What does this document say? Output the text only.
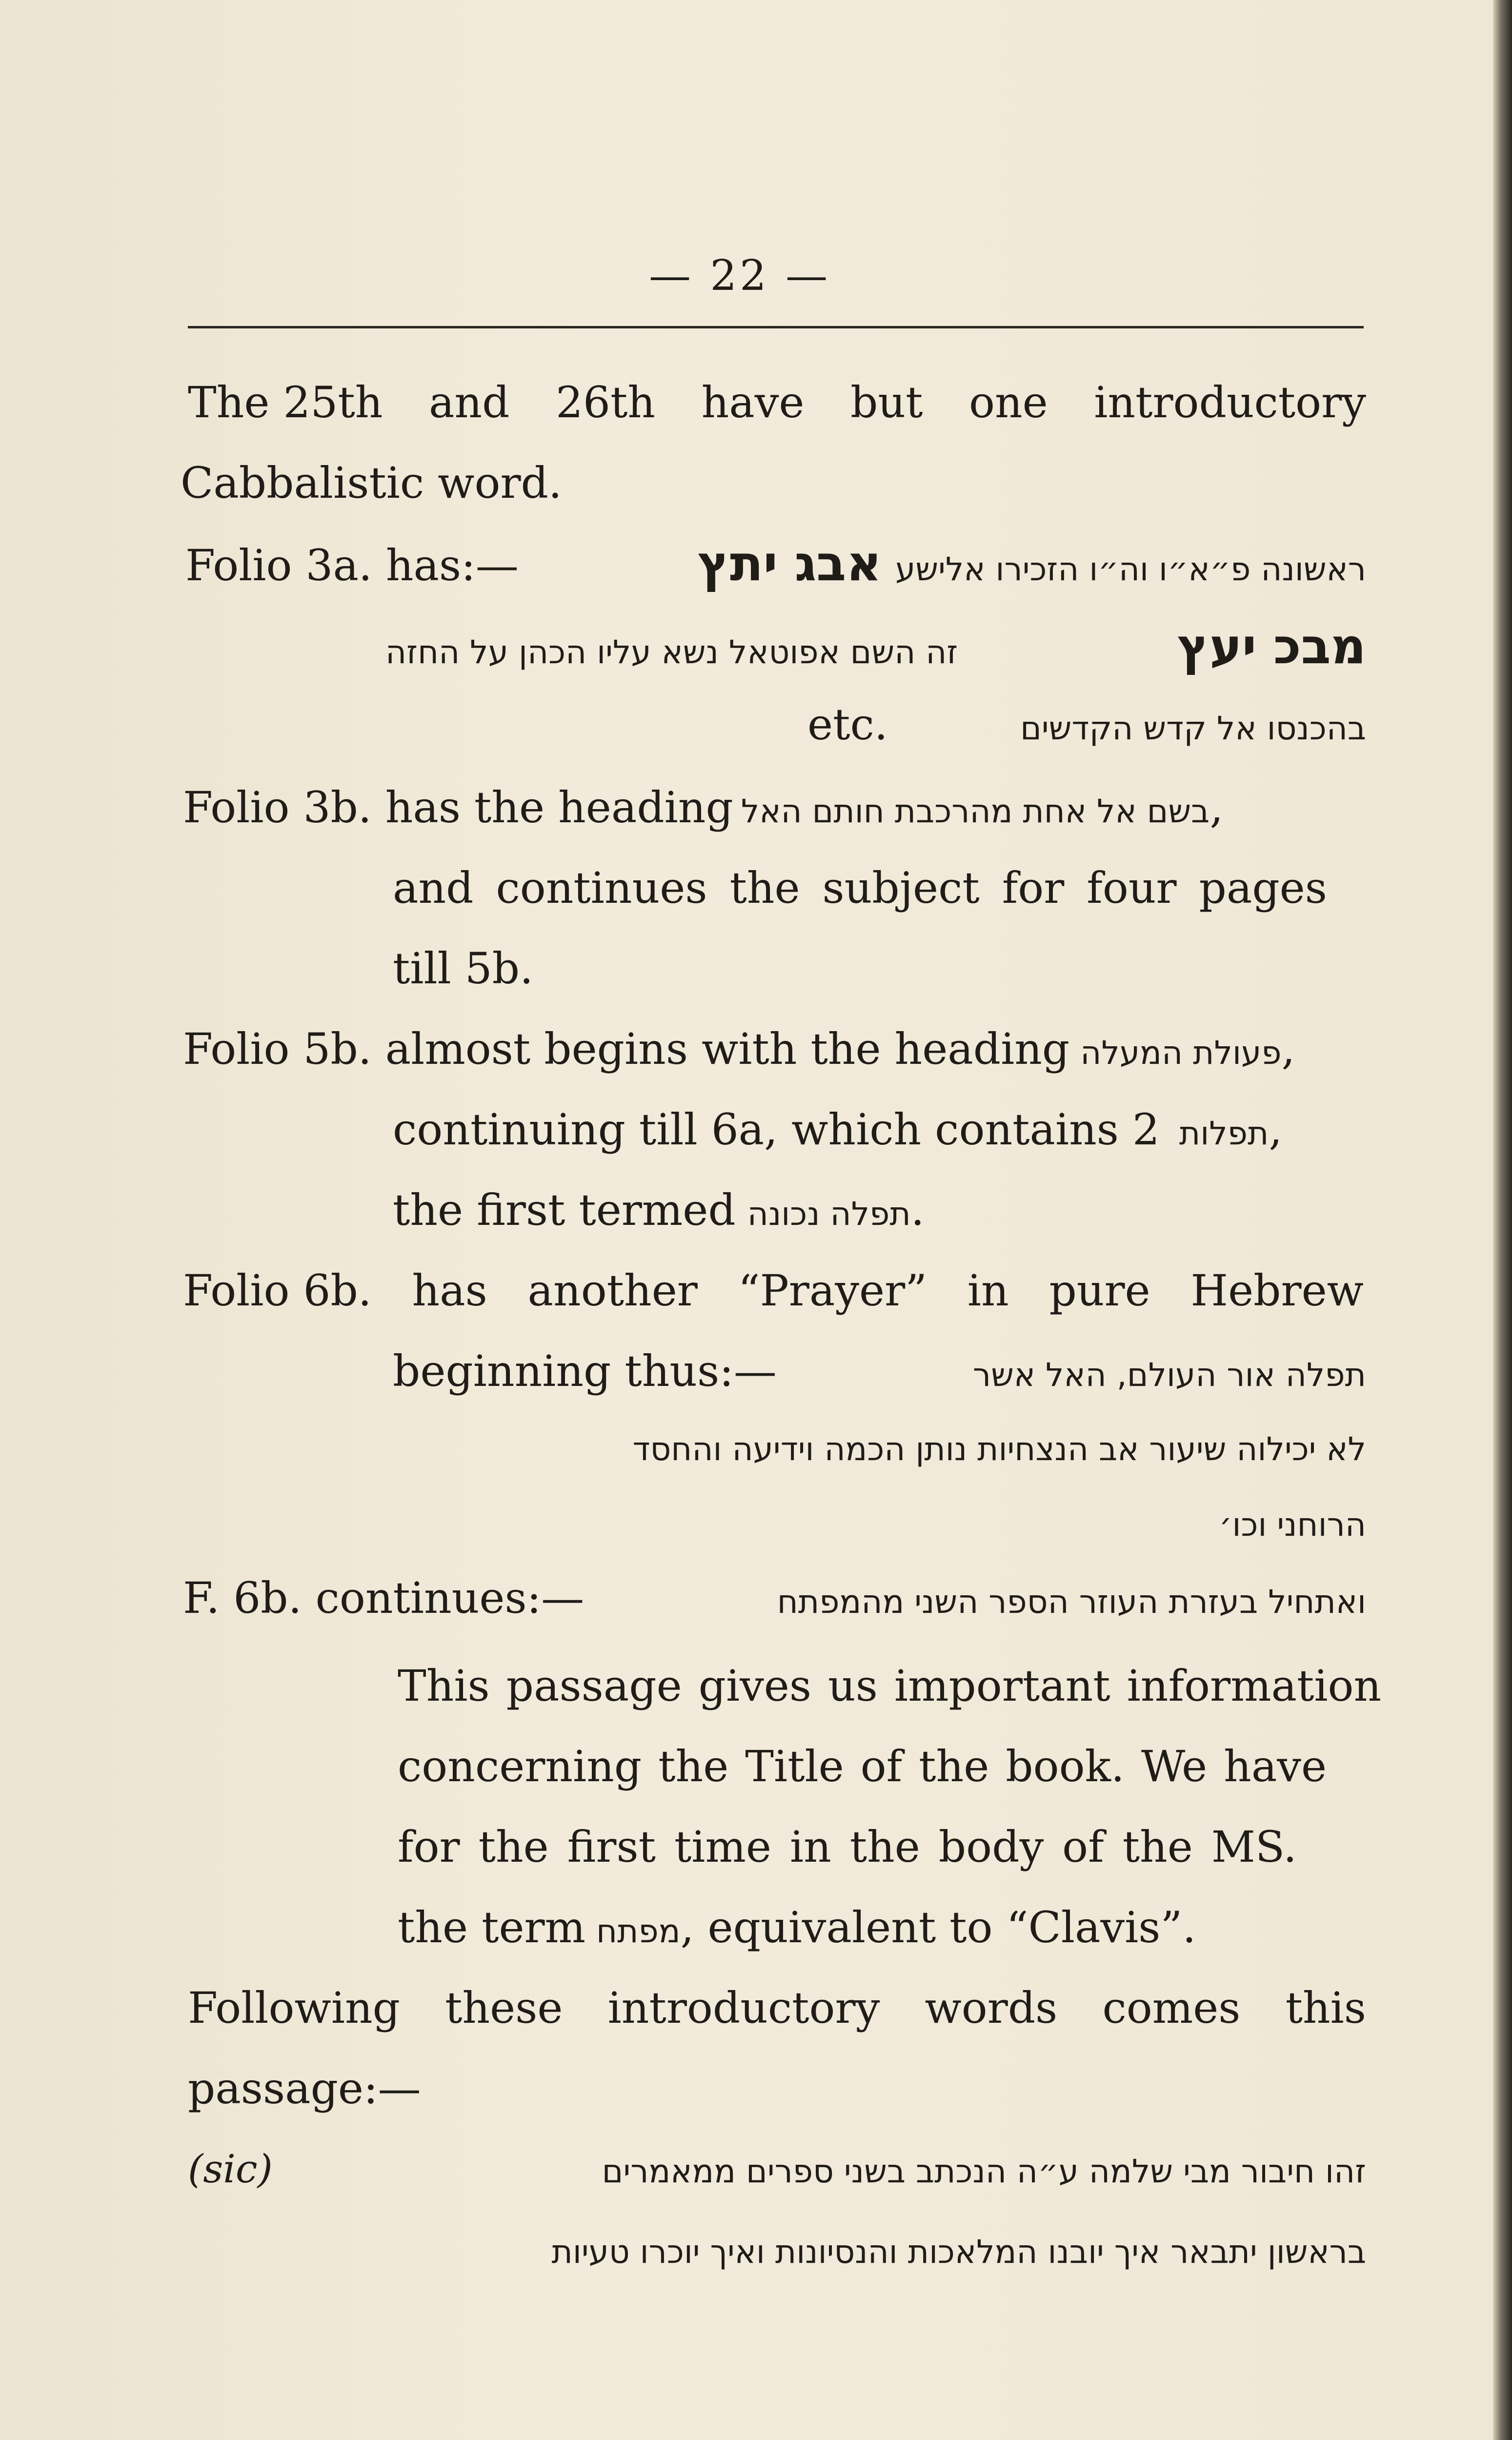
— 22 —
The 25th and 26th have but one introductory
Cabbalistic word.
Folio 3a. has:—	אבג יתץ ראשונה פ״א״ו וה״ו הזכירו אלישע
זה השם אפוטאל נשא עליו הכהן על החזה	מבכ יעץ
etc.	בהכנסו אל קדש הקדשים
Folio 3b. has the heading בשם אל אחת מהרכבת חותם האל ,
and continues the subject for four pages
till 5b.
Folio 5b. almost begins with the heading פעולת המעלה ,
continuing till 6a, which contains 2 תפלות ,
the first termed תפלה נכונה .
Folio 6b. has another “Prayer” in pure Hebrew
beginning thus:—	תפלה אור העולם, האל אשר
לא יכילוה שיעור אב הנצחיות נותן הכמה וידיעה והחסד
הרוחני וכו׳
F. 6b. continues:—	ואתחיל בעזרת העוזר הספר השני מהמפתח
This passage gives us important information
concerning the Title of the book. We have
for the first time in the body of the MS.
the term מפתח , equivalent to “Clavis”.
Following these introductory words comes this
passage:—
(sic)	זהו חיבור מבי שלמה ע״ה הנכתב בשני ספרים ממאמרים
בראשון יתבאר איך יובנו המלאכות והנסיונות ואיך יוכרו טעיות
